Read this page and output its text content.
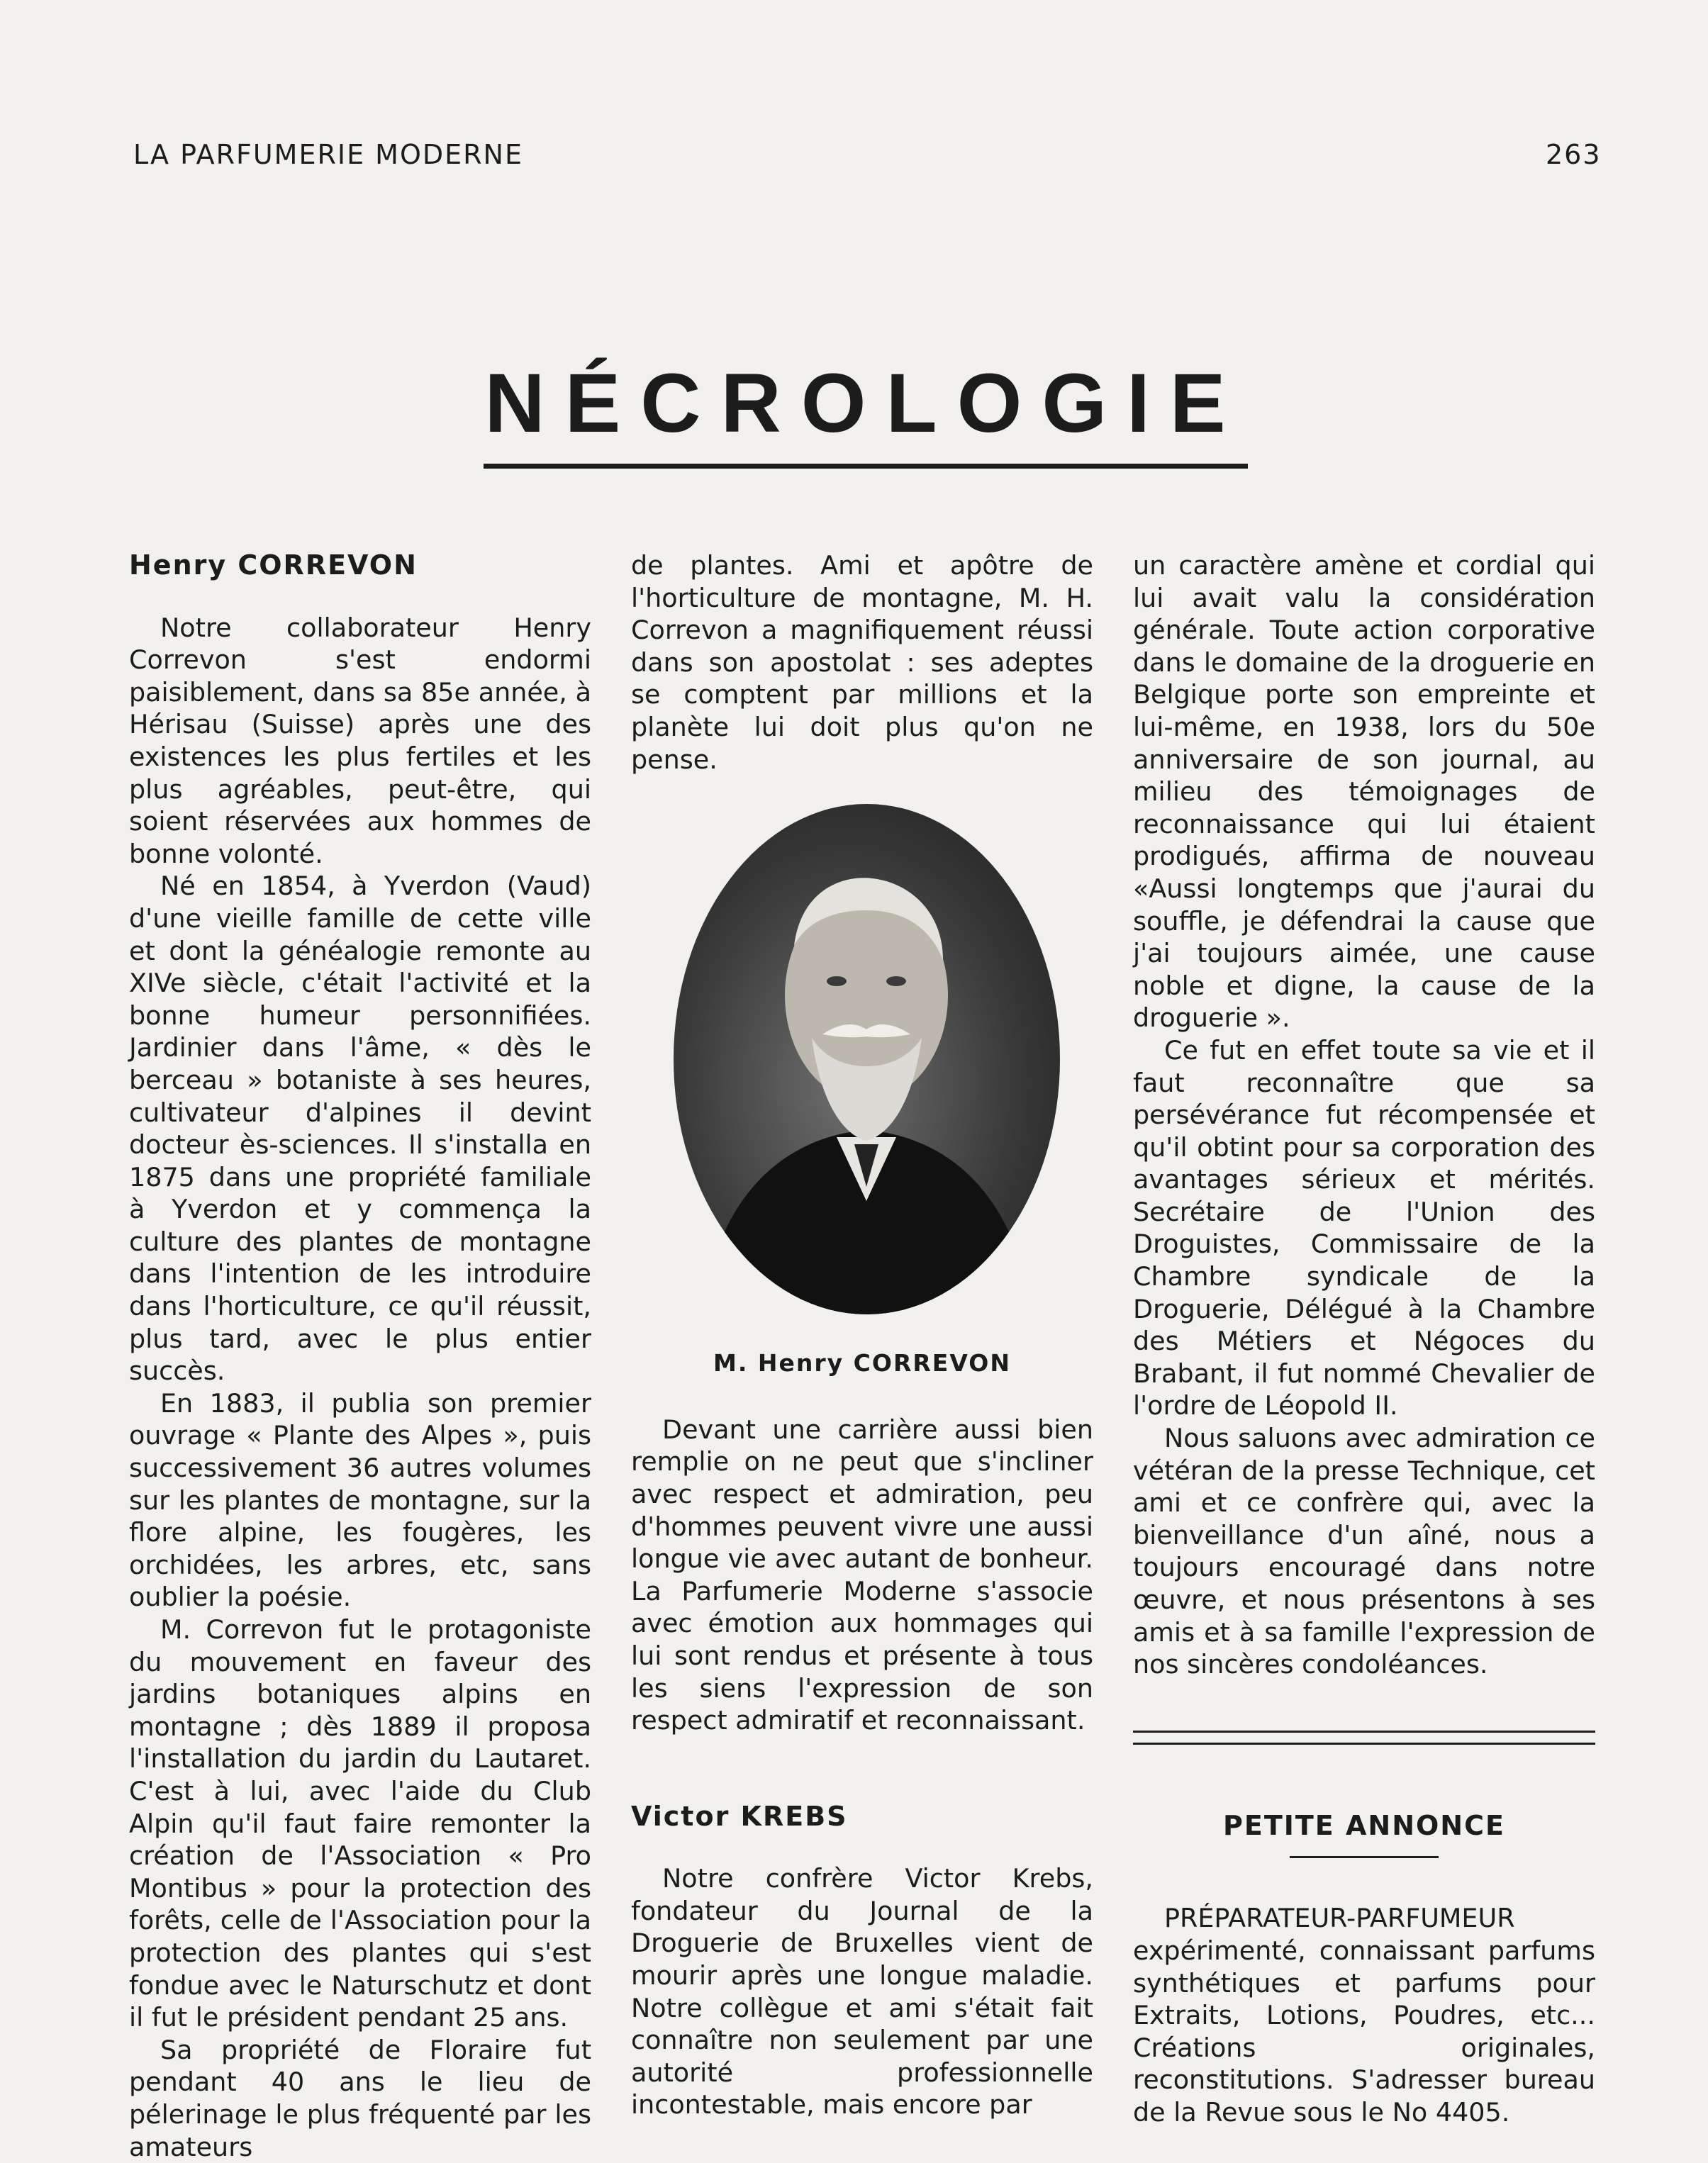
LA PARFUMERIE MODERNE	263
NÉCROLOGIE
Henry CORREVON

Notre collaborateur Henry Correvon s'est endormi paisiblement, dans sa 85e année, à Hérisau (Suisse) après une des existences les plus fertiles et les plus agréables, peut-être, qui soient réservées aux hommes de bonne volonté.

Né en 1854, à Yverdon (Vaud) d'une vieille famille de cette ville et dont la généalogie remonte au XIVe siècle, c'était l'activité et la bonne humeur personnifiées. Jardinier dans l'âme, « dès le berceau » botaniste à ses heures, cultivateur d'alpines il devint docteur ès-sciences. Il s'installa en 1875 dans une propriété familiale à Yverdon et y commença la culture des plantes de montagne dans l'intention de les introduire dans l'horticulture, ce qu'il réussit, plus tard, avec le plus entier succès.

En 1883, il publia son premier ouvrage « Plante des Alpes », puis successivement 36 autres volumes sur les plantes de montagne, sur la flore alpine, les fougères, les orchidées, les arbres, etc, sans oublier la poésie.

M. Correvon fut le protagoniste du mouvement en faveur des jardins botaniques alpins en montagne ; dès 1889 il proposa l'installation du jardin du Lautaret. C'est à lui, avec l'aide du Club Alpin qu'il faut faire remonter la création de l'Association « Pro Montibus » pour la protection des forêts, celle de l'Association pour la protection des plantes qui s'est fondue avec le Naturschutz et dont il fut le président pendant 25 ans.

Sa propriété de Floraire fut pendant 40 ans le lieu de pélerinage le plus fréquenté par les amateurs

de plantes. Ami et apôtre de l'horticulture de montagne, M. H. Correvon a magnifiquement réussi dans son apostolat : ses adeptes se comptent par millions et la planète lui doit plus qu'on ne pense.

M. Henry CORREVON

Devant une carrière aussi bien remplie on ne peut que s'incliner avec respect et admiration, peu d'hommes peuvent vivre une aussi longue vie avec autant de bonheur. La Parfumerie Moderne s'associe avec émotion aux hommages qui lui sont rendus et présente à tous les siens l'expression de son respect admiratif et reconnaissant.

Victor KREBS

Notre confrère Victor Krebs, fondateur du Journal de la Droguerie de Bruxelles vient de mourir après une longue maladie. Notre collègue et ami s'était fait connaître non seulement par une autorité professionnelle incontestable, mais encore par

un caractère amène et cordial qui lui avait valu la considération générale. Toute action corporative dans le domaine de la droguerie en Belgique porte son empreinte et lui-même, en 1938, lors du 50e anniversaire de son journal, au milieu des témoignages de reconnaissance qui lui étaient prodigués, affirma de nouveau «Aussi longtemps que j'aurai du souffle, je défendrai la cause que j'ai toujours aimée, une cause noble et digne, la cause de la droguerie ».

Ce fut en effet toute sa vie et il faut reconnaître que sa persévérance fut récompensée et qu'il obtint pour sa corporation des avantages sérieux et mérités. Secrétaire de l'Union des Droguistes, Commissaire de la Chambre syndicale de la Droguerie, Délégué à la Chambre des Métiers et Négoces du Brabant, il fut nommé Chevalier de l'ordre de Léopold II.

Nous saluons avec admiration ce vétéran de la presse Technique, cet ami et ce confrère qui, avec la bienveillance d'un aîné, nous a toujours encouragé dans notre œuvre, et nous présentons à ses amis et à sa famille l'expression de nos sincères condoléances.

PETITE ANNONCE

PRÉPARATEUR-PARFUMEUR expérimenté, connaissant parfums synthétiques et parfums pour Extraits, Lotions, Poudres, etc... Créations originales, reconstitutions. S'adresser bureau de la Revue sous le No 4405.
